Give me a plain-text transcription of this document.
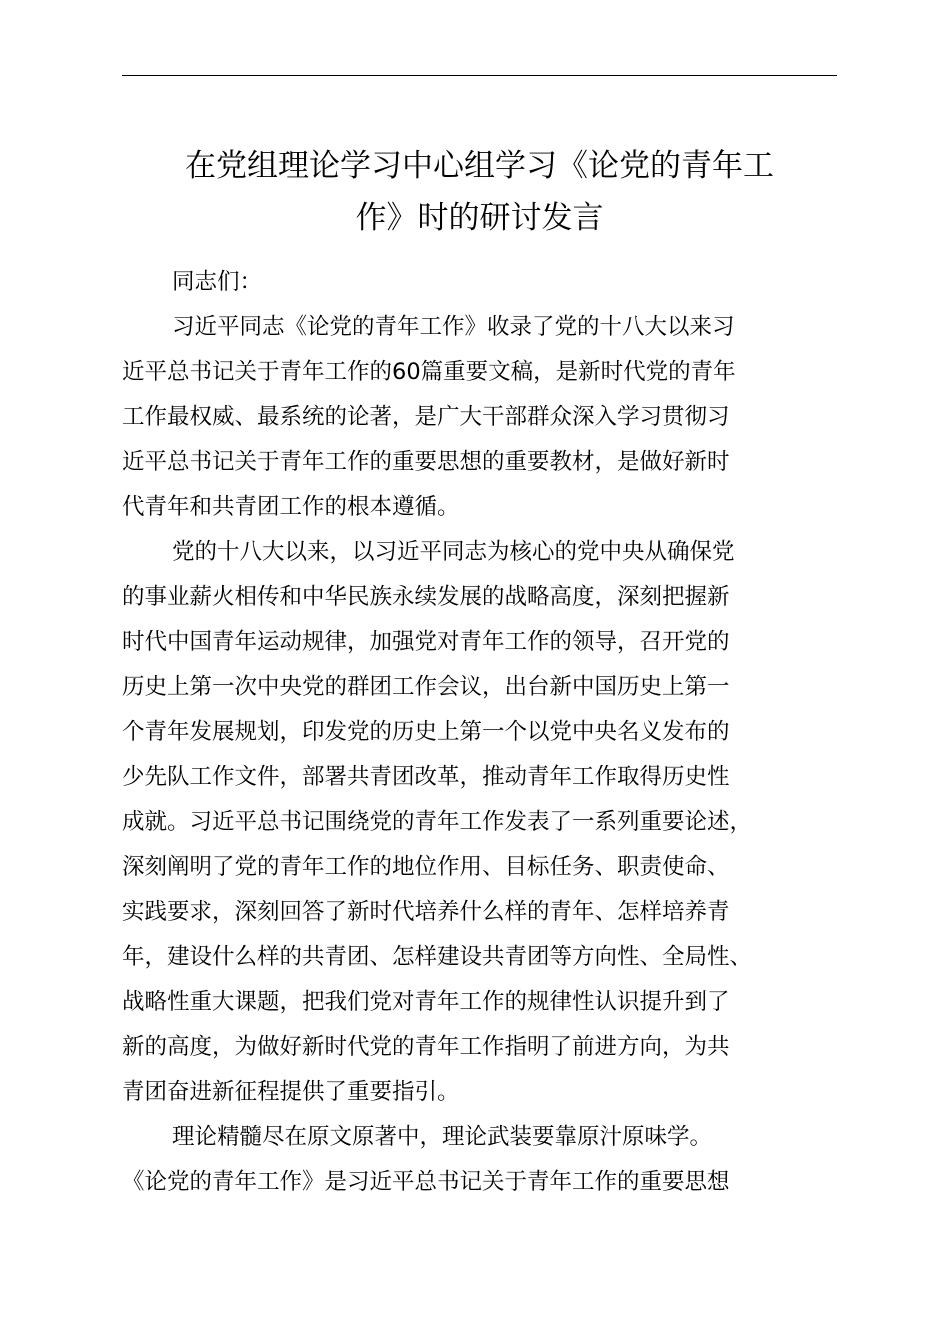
在党组理论学习中心组学习《论党的青年工
作》时的研讨发言
同志们：
习近平同志《论党的青年工作》收录了党的十八大以来习
近平总书记关于青年工作的60篇重要文稿，是新时代党的青年
工作最权威、最系统的论著，是广大干部群众深入学习贯彻习
近平总书记关于青年工作的重要思想的重要教材，是做好新时
代青年和共青团工作的根本遵循。
党的十八大以来，以习近平同志为核心的党中央从确保党
的事业薪火相传和中华民族永续发展的战略高度，深刻把握新
时代中国青年运动规律，加强党对青年工作的领导，召开党的
历史上第一次中央党的群团工作会议，出台新中国历史上第一
个青年发展规划，印发党的历史上第一个以党中央名义发布的
少先队工作文件，部署共青团改革，推动青年工作取得历史性
成就。习近平总书记围绕党的青年工作发表了一系列重要论述，
深刻阐明了党的青年工作的地位作用、目标任务、职责使命、
实践要求，深刻回答了新时代培养什么样的青年、怎样培养青
年，建设什么样的共青团、怎样建设共青团等方向性、全局性、
战略性重大课题，把我们党对青年工作的规律性认识提升到了
新的高度，为做好新时代党的青年工作指明了前进方向，为共
青团奋进新征程提供了重要指引。
理论精髓尽在原文原著中，理论武装要靠原汁原味学。
《论党的青年工作》是习近平总书记关于青年工作的重要思想
